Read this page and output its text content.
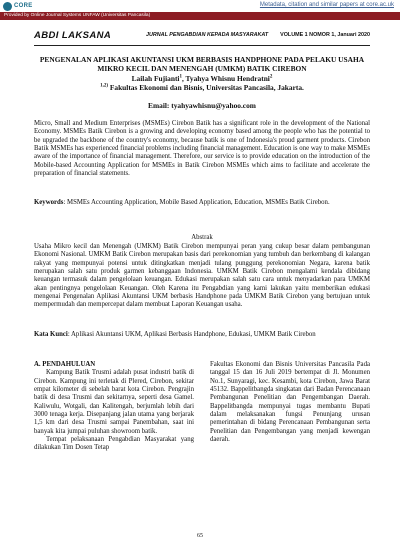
CORE	Metadata, citation and similar papers at core.ac.uk
Provided by Online Journal Systems UNFAW (Universitas Pancasila)
ABDI LAKSANA	JURNAL PENGABDIAN KEPADA MASYARAKAT VOLUME 1 NOMOR 1, Januari 2020
PENGENALAN APLIKASI AKUNTANSI UKM BERBASIS HANDPHONE PADA PELAKU USAHA MIKRO KECIL DAN MENENGAH (UMKM) BATIK CIREBON
Lailah Fujianti$^1$, Tyahya Whisnu Hendratni$^2$
$^{1,2)}$ Fakultas Ekonomi dan Bisnis, Universitas Pancasila, Jakarta.
Email: tyahyawhisnu@yahoo.com
Micro, Small and Medium Enterprises (MSMEs) Cirebon Batik has a significant role in the development of the National Economy. MSMEs Batik Cirebon is a growing and developing economy based among the people who has the potential to be upgraded the backbone of the country's economy, because batik is one of Indonesia's proud garment products. Cirebon Batik MSMEs has experienced financial problems including financial management. Education is one way to make MSMEs aware of the importance of financial management. Therefore, our service is to provide education on the introduction of the Mobile-based Accounting Application for MSMEs in Batik Cirebon MSMEs which aims to facilitate and accelerate the preparation of financial statements.
Keywords: MSMEs Accounting Application, Mobile Based Application, Education, MSMEs Batik Cirebon.
Abstrak
Usaha Mikro kecil dan Menengah (UMKM) Batik Cirebon mempunyai peran yang cukup besar dalam pembangunan Ekonomi Nasional. UMKM Batik Cirebon merupakan basis dari perekonomian yang tumbuh dan berkembang di kalangan rakyat yang mempunyai potensi untuk ditingkatkan menjadi tulang punggung perekonomian Negara, karena batik merupakan salah satu produk garmen kebanggaan Indonesia. UMKM Batik Cirebon mengalami kendala dibidang keuangan termasuk dalam pengelolaan keuangan. Edukasi merupakan salah satu cara untuk menyadarkan para UMKM akan pentingnya pengelolaan Keuangan. Oleh Karena itu Pengabdian yang kami lakukan yaitu memberikan edukasi mengenai Pengenalan Aplikasi Akuntansi UKM berbasis Handphone pada UMKM Batik Cirebon yang bertujuan untuk mempermudah dan mempercepat dalam membuat Laporan Keuangan usaha.
Kata Kunci: Aplikasi Akuntansi UKM, Aplikasi Berbasis Handphone, Edukasi, UMKM Batik Cirebon
A. PENDAHULUAN
Kampung Batik Trusmi adalah pusat industri batik di Cirebon. Kampung ini terletak di Plered, Cirebon, sekitar empat kilometer di sebelah barat kota Cirebon. Pengrajin batik di desa Trusmi dan sekitarnya, seperti desa Gamel. Kaliwulu, Wotgali, dan Kalitengah, berjumlah lebih dari 3000 tenaga kerja. Disepanjang jalan utama yang berjarak 1,5 km dari desa Trusmi sampai Panembahan, saat ini banyak kita jumpai puluhan showroom batik.
Tempat pelaksanaan Pengabdian Masyarakat yang dilakukan Tim Dosen Tetap
Fakultas Ekonomi dan Bisnis Universitas Pancasila Pada tanggal 15 dan 16 Juli 2019 bertempat di Jl. Monumen No.1, Sunyaragi, kec. Kesambi, kota Cirebon, Jawa Barat 45132. Bappelitbangda singkatan dari Badan Perencanaan Pembangunan Penelitian dan Pengembangan Daerah. Bappelitbangda mempunyai tugas membantu Bupati dalam melaksanakan fungsi Penunjang urusan pemerintahan di bidang Perencanaan Pembangunan serta Penelitian dan Pengembangan yang menjadi kewengan daerah.
65
